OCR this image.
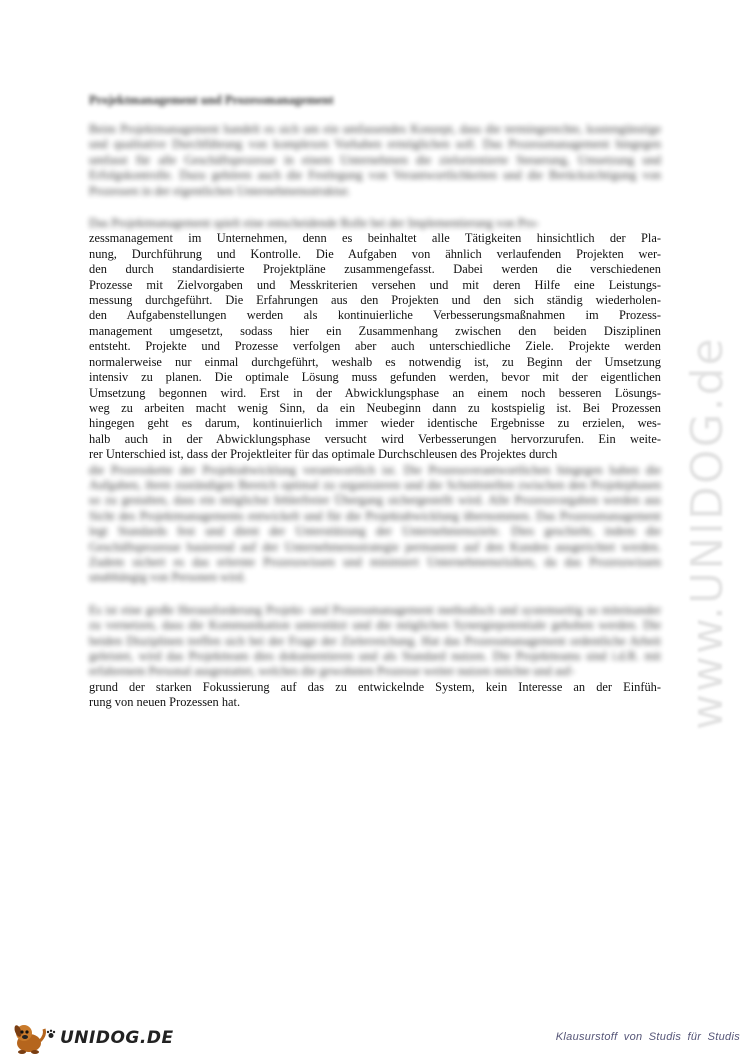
Projektmanagement und Prozessmanagement
Beim Projektmanagement handelt es sich um ein umfassendes Konzept, dass die termingerechte, kostengünstige und qualitative Durchführung von komplexen Vorhaben ermöglichen soll. Das Prozessmanagement hingegen umfasst für alle Geschäftsprozesse in einem Unternehmen die zielorientierte Steuerung, Umsetzung und Erfolgskontrolle. Dazu gehören auch die Festlegung von Verantwortlichkeiten und die Berücksichtigung von Prozessen in der eigentlichen Unternehmensstruktur.
Das Projektmanagement spielt eine entscheidende Rolle bei der Implementierung von Pro-
zessmanagement im Unternehmen, denn es beinhaltet alle Tätigkeiten hinsichtlich der Pla-
nung, Durchführung und Kontrolle. Die Aufgaben von ähnlich verlaufenden Projekten wer-
den durch standardisierte Projektpläne zusammengefasst. Dabei werden die verschiedenen
Prozesse mit Zielvorgaben und Messkriterien versehen und mit deren Hilfe eine Leistungs-
messung durchgeführt. Die Erfahrungen aus den Projekten und den sich ständig wiederholen-
den Aufgabenstellungen werden als kontinuierliche Verbesserungsmaßnahmen im Prozess-
management umgesetzt, sodass hier ein Zusammenhang zwischen den beiden Disziplinen
entsteht. Projekte und Prozesse verfolgen aber auch unterschiedliche Ziele. Projekte werden
normalerweise nur einmal durchgeführt, weshalb es notwendig ist, zu Beginn der Umsetzung
intensiv zu planen. Die optimale Lösung muss gefunden werden, bevor mit der eigentlichen
Umsetzung begonnen wird. Erst in der Abwicklungsphase an einem noch besseren Lösungs-
weg zu arbeiten macht wenig Sinn, da ein Neubeginn dann zu kostspielig ist. Bei Prozessen
hingegen geht es darum, kontinuierlich immer wieder identische Ergebnisse zu erzielen, wes-
halb auch in der Abwicklungsphase versucht wird Verbesserungen hervorzurufen. Ein weite-
rer Unterschied ist, dass der Projektleiter für das optimale Durchschleusen des Projektes durch
die Prozesskette der Projektabwicklung verantwortlich ist. Die Prozessverantwortlichen hingegen haben die Aufgaben, ihren zuständigen Bereich optimal zu organisieren und die Schnittstellen zwischen den Projektphasen so zu gestalten, dass ein möglichst fehlerfreier Übergang sichergestellt wird. Alle Prozessvorgaben werden aus Sicht des Projektmanagements entwickelt und für die Projektabwicklung übernommen. Das Prozessmanagement legt Standards fest und dient der Unterstützung der Unternehmensziele. Dies geschieht, indem die Geschäftsprozesse basierend auf der Unternehmensstrategie permanent auf den Kunden ausgerichtet werden. Zudem sichert es das erlernte Prozesswissen und minimiert Unternehmensrisiken, da das Prozesswissen unabhängig von Personen wird.
Es ist eine große Herausforderung Projekt- und Prozessmanagement methodisch und systemseitig so miteinander zu vernetzen, dass die Kommunikation unterstützt und die möglichen Synergiepotentiale gehoben werden. Die beiden Disziplinen treffen sich bei der Frage der Zielerreichung. Hat das Prozessmanagement ordentliche Arbeit geleistet, wird das Projektteam dies dokumentieren und als Standard nutzen. Die Projektteams sind i.d.R. mit erfahrenem Personal ausgestattet, welches die gewohnten Prozesse weiter nutzen möchte und auf-
grund der starken Fokussierung auf das zu entwickelnde System, kein Interesse an der Einfüh-
rung von neuen Prozessen hat.	www.UNIDOG.de
UNIDOG.DE	Klausurstoff von Studis für Studis
